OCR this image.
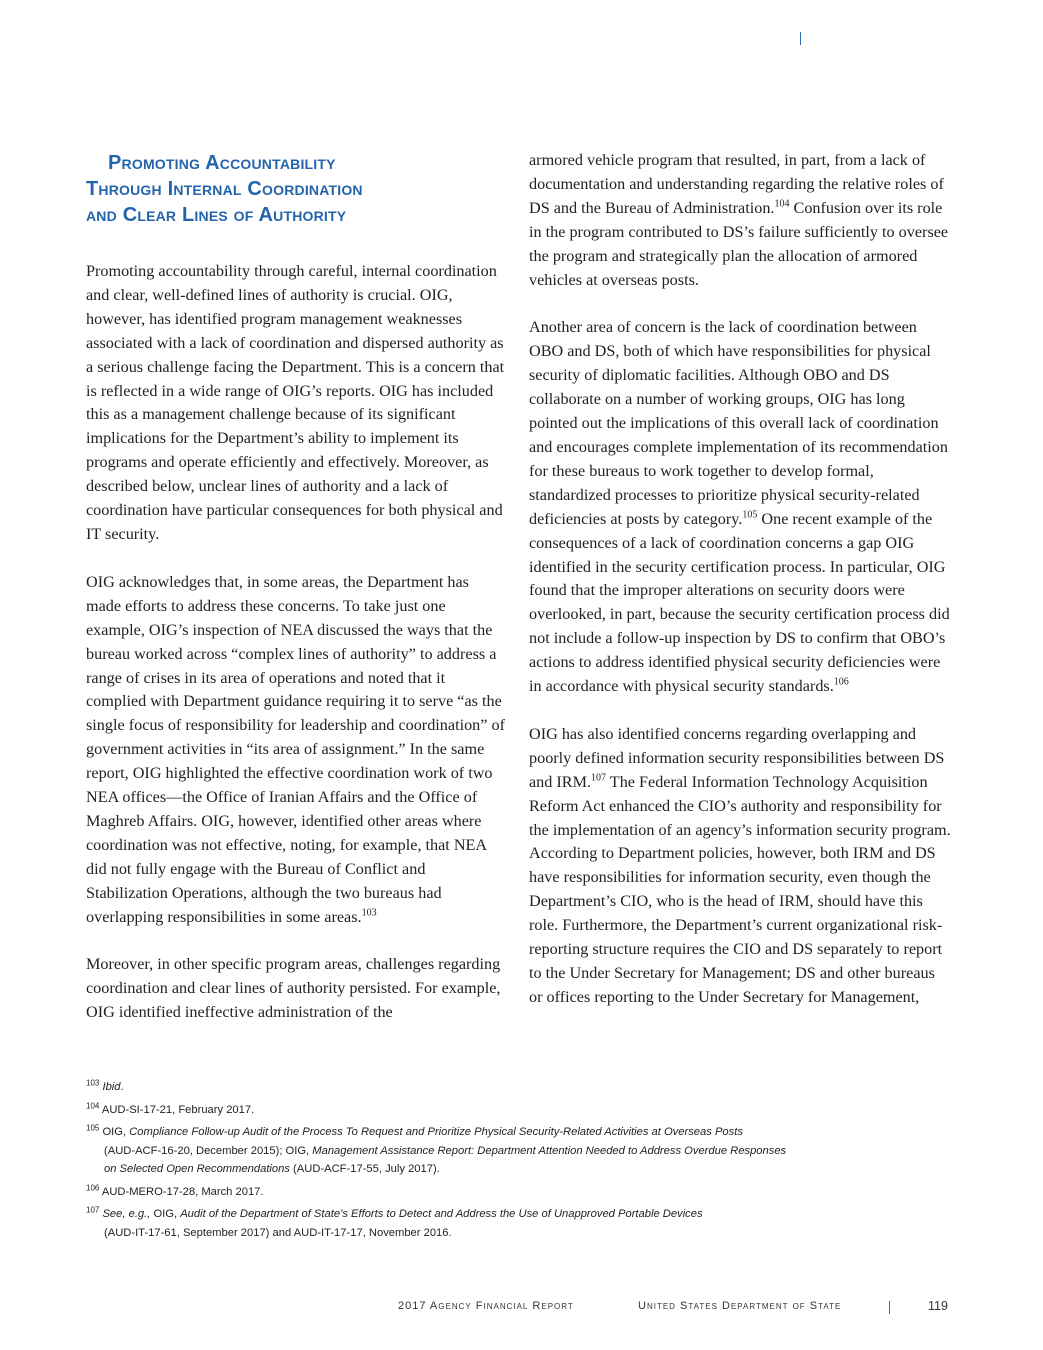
Promoting Accountability
Through Internal Coordination
and Clear Lines of Authority

Promoting accountability through careful, internal coordination and clear, well-defined lines of authority is crucial. OIG, however, has identified program management weaknesses associated with a lack of coordination and dispersed authority as a serious challenge facing the Department. This is a concern that is reflected in a wide range of OIG’s reports. OIG has included this as a management challenge because of its significant implications for the Department’s ability to implement its programs and operate efficiently and effectively. Moreover, as described below, unclear lines of authority and a lack of coordination have particular consequences for both physical and IT security.

OIG acknowledges that, in some areas, the Department has made efforts to address these concerns. To take just one example, OIG’s inspection of NEA discussed the ways that the bureau worked across “complex lines of authority” to address a range of crises in its area of operations and noted that it complied with Department guidance requiring it to serve “as the single focus of responsibility for leadership and coordination” of government activities in “its area of assignment.” In the same report, OIG highlighted the effective coordination work of two NEA offices—the Office of Iranian Affairs and the Office of Maghreb Affairs. OIG, however, identified other areas where coordination was not effective, noting, for example, that NEA did not fully engage with the Bureau of Conflict and Stabilization Operations, although the two bureaus had overlapping responsibilities in some areas.$^{103}$

Moreover, in other specific program areas, challenges regarding coordination and clear lines of authority persisted. For example, OIG identified ineffective administration of the

armored vehicle program that resulted, in part, from a lack of documentation and understanding regarding the relative roles of DS and the Bureau of Administration.$^{104}$ Confusion over its role in the program contributed to DS’s failure sufficiently to oversee the program and strategically plan the allocation of armored vehicles at overseas posts.

Another area of concern is the lack of coordination between OBO and DS, both of which have responsibilities for physical security of diplomatic facilities. Although OBO and DS collaborate on a number of working groups, OIG has long pointed out the implications of this overall lack of coordination and encourages complete implementation of its recommendation for these bureaus to work together to develop formal, standardized processes to prioritize physical security-related deficiencies at posts by category.$^{105}$ One recent example of the consequences of a lack of coordination concerns a gap OIG identified in the security certification process. In particular, OIG found that the improper alterations on security doors were overlooked, in part, because the security certification process did not include a follow-up inspection by DS to confirm that OBO’s actions to address identified physical security deficiencies were in accordance with physical security standards.$^{106}$

OIG has also identified concerns regarding overlapping and poorly defined information security responsibilities between DS and IRM.$^{107}$ The Federal Information Technology Acquisition Reform Act enhanced the CIO’s authority and responsibility for the implementation of an agency’s information security program. According to Department policies, however, both IRM and DS have responsibilities for information security, even though the Department’s CIO, who is the head of IRM, should have this role. Furthermore, the Department’s current organizational risk-reporting structure requires the CIO and DS separately to report to the Under Secretary for Management; DS and other bureaus or offices reporting to the Under Secretary for Management,

$^{103}$ Ibid.

$^{104}$ AUD-SI-17-21, February 2017.

$^{105}$ OIG, Compliance Follow-up Audit of the Process To Request and Prioritize Physical Security-Related Activities at Overseas Posts
(AUD-ACF-16-20, December 2015); OIG, Management Assistance Report: Department Attention Needed to Address Overdue Responses
on Selected Open Recommendations (AUD-ACF-17-55, July 2017).

$^{106}$ AUD-MERO-17-28, March 2017.

$^{107}$ See, e.g., OIG, Audit of the Department of State’s Efforts to Detect and Address the Use of Unapproved Portable Devices
(AUD-IT-17-61, September 2017) and AUD-IT-17-17, November 2016.

2017 Agency Financial Report	United States Department of State	119
